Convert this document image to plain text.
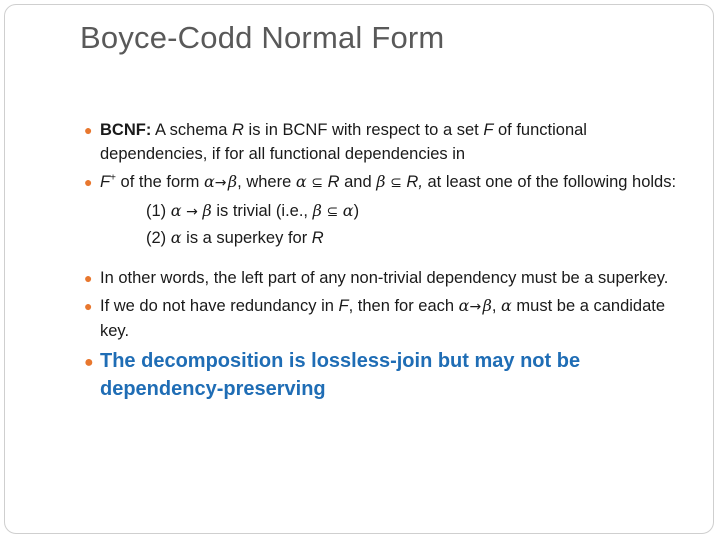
Boyce-Codd Normal Form
● BCNF: A schema R is in BCNF with respect to a set F of functional dependencies, if for all functional dependencies in
● F+ of the form α→ β, where α ⊆ R and β ⊆ R, at least one of the following holds:
(1) α → β is trivial (i.e., β ⊆ α)
(2) α is a superkey for R
● In other words, the left part of any non-trivial dependency must be a superkey.
● If we do not have redundancy in F, then for each α→ β, α must be a candidate key.
● The decomposition is lossless-join but may not be dependency-preserving
